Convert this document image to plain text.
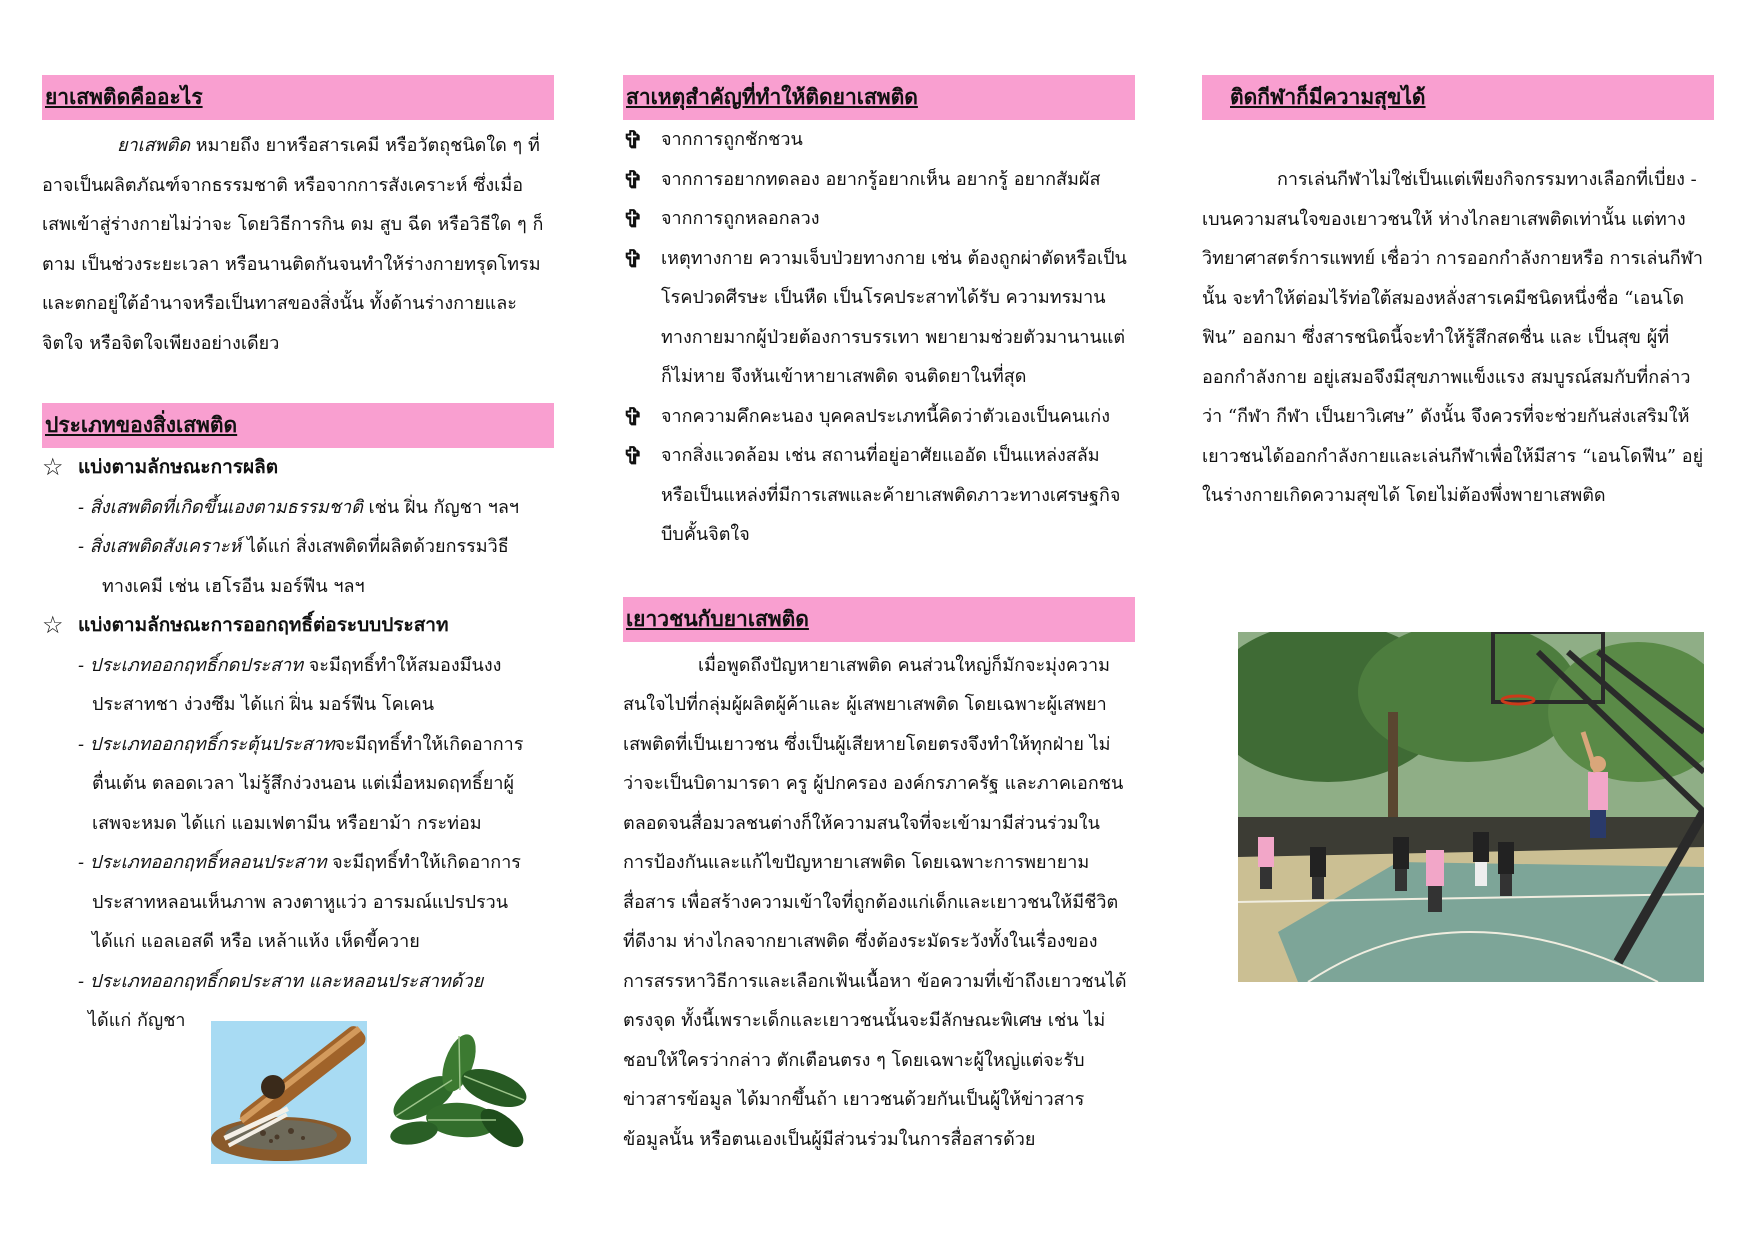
ยาเสพติดคืออะไร

ยาเสพติด หมายถึง ยาหรือสารเคมี หรือวัตถุชนิดใด ๆ ที่

อาจเป็นผลิตภัณฑ์จากธรรมชาติ หรือจากการสังเคราะห์ ซึ่งเมื่อ

เสพเข้าสู่ร่างกายไม่ว่าจะ โดยวิธีการกิน ดม สูบ ฉีด หรือวิธีใด ๆ ก็

ตาม เป็นช่วงระยะเวลา หรือนานติดกันจนทำให้ร่างกายทรุดโทรม

และตกอยู่ใต้อำนาจหรือเป็นทาสของสิ่งนั้น ทั้งด้านร่างกายและ

จิตใจ หรือจิตใจเพียงอย่างเดียว

ประเภทของสิ่งเสพติด
☆ แบ่งตามลักษณะการผลิต
- สิ่งเสพติดที่เกิดขึ้นเองตามธรรมชาติ เช่น ฝิ่น กัญชา ฯลฯ
- สิ่งเสพติดสังเคราะห์ ได้แก่ สิ่งเสพติดที่ผลิตด้วยกรรมวิธี
ทางเคมี เช่น เฮโรอีน มอร์ฟีน ฯลฯ
☆ แบ่งตามลักษณะการออกฤทธิ์ต่อระบบประสาท
- ประเภทออกฤทธิ์กดประสาท จะมีฤทธิ์ทำให้สมองมึนงง
ประสาทชา ง่วงซึม ได้แก่ ฝิ่น มอร์ฟีน โคเคน
- ประเภทออกฤทธิ์กระตุ้นประสาทจะมีฤทธิ์ทำให้เกิดอาการ
ตื่นเต้น ตลอดเวลา ไม่รู้สึกง่วงนอน แต่เมื่อหมดฤทธิ์ยาผู้
เสพจะหมด ได้แก่ แอมเฟตามีน หรือยาม้า กระท่อม
- ประเภทออกฤทธิ์หลอนประสาท จะมีฤทธิ์ทำให้เกิดอาการ
ประสาทหลอนเห็นภาพ ลวงตาหูแว่ว อารมณ์แปรปรวน
ได้แก่ แอลเอสดี หรือ เหล้าแห้ง เห็ดขี้ควาย
- ประเภทออกฤทธิ์กดประสาท และหลอนประสาทด้วย
ได้แก่ กัญชา
สาเหตุสำคัญที่ทำให้ติดยาเสพติด
✞ จากการถูกชักชวน
✞ จากการอยากทดลอง อยากรู้อยากเห็น อยากรู้ อยากสัมผัส
✞ จากการถูกหลอกลวง
✞ เหตุทางกาย ความเจ็บป่วยทางกาย เช่น ต้องถูกผ่าตัดหรือเป็น
โรคปวดศีรษะ เป็นหืด เป็นโรคประสาทได้รับ ความทรมาน
ทางกายมากผู้ป่วยต้องการบรรเทา พยายามช่วยตัวมานานแต่
ก็ไม่หาย จึงหันเข้าหายาเสพติด จนติดยาในที่สุด
✞ จากความคึกคะนอง บุคคลประเภทนี้คิดว่าตัวเองเป็นคนเก่ง
✞ จากสิ่งแวดล้อม เช่น สถานที่อยู่อาศัยแออัด เป็นแหล่งสลัม
หรือเป็นแหล่งที่มีการเสพและค้ายาเสพติดภาวะทางเศรษฐกิจ
บีบคั้นจิตใจ
เยาวชนกับยาเสพติด

เมื่อพูดถึงปัญหายาเสพติด คนส่วนใหญ่ก็มักจะมุ่งความ

สนใจไปที่กลุ่มผู้ผลิตผู้ค้าและ ผู้เสพยาเสพติด โดยเฉพาะผู้เสพยา

เสพติดที่เป็นเยาวชน ซึ่งเป็นผู้เสียหายโดยตรงจึงทำให้ทุกฝ่าย ไม่

ว่าจะเป็นบิดามารดา ครู ผู้ปกครอง องค์กรภาครัฐ และภาคเอกชน

ตลอดจนสื่อมวลชนต่างก็ให้ความสนใจที่จะเข้ามามีส่วนร่วมใน

การป้องกันและแก้ไขปัญหายาเสพติด โดยเฉพาะการพยายาม

สื่อสาร เพื่อสร้างความเข้าใจที่ถูกต้องแก่เด็กและเยาวชนให้มีชีวิต

ที่ดีงาม ห่างไกลจากยาเสพติด ซึ่งต้องระมัดระวังทั้งในเรื่องของ

การสรรหาวิธีการและเลือกเฟ้นเนื้อหา ข้อความที่เข้าถึงเยาวชนได้

ตรงจุด ทั้งนี้เพราะเด็กและเยาวชนนั้นจะมีลักษณะพิเศษ เช่น ไม่

ชอบให้ใครว่ากล่าว ตักเตือนตรง ๆ โดยเฉพาะผู้ใหญ่แต่จะรับ

ข่าวสารข้อมูล ได้มากขึ้นถ้า เยาวชนด้วยกันเป็นผู้ให้ข่าวสาร

ข้อมูลนั้น หรือตนเองเป็นผู้มีส่วนร่วมในการสื่อสารด้วย

ติดกีฬาก็มีความสุขได้

การเล่นกีฬาไม่ใช่เป็นแต่เพียงกิจกรรมทางเลือกที่เบี่ยง -

เบนความสนใจของเยาวชนให้ ห่างไกลยาเสพติดเท่านั้น แต่ทาง

วิทยาศาสตร์การแพทย์ เชื่อว่า การออกกำลังกายหรือ การเล่นกีฬา

นั้น จะทำให้ต่อมไร้ท่อใต้สมองหลั่งสารเคมีชนิดหนึ่งชื่อ “เอนโด

ฟิน” ออกมา ซึ่งสารชนิดนี้จะทำให้รู้สึกสดชื่น และ เป็นสุข ผู้ที่

ออกกำลังกาย อยู่เสมอจึงมีสุขภาพแข็งแรง สมบูรณ์สมกับที่กล่าว

ว่า “กีฬา กีฬา เป็นยาวิเศษ” ดังนั้น จึงควรที่จะช่วยกันส่งเสริมให้

เยาวชนได้ออกกำลังกายและเล่นกีฬาเพื่อให้มีสาร “เอนโดฟีน” อยู่

ในร่างกายเกิดความสุขได้ โดยไม่ต้องพึ่งพายาเสพติด
